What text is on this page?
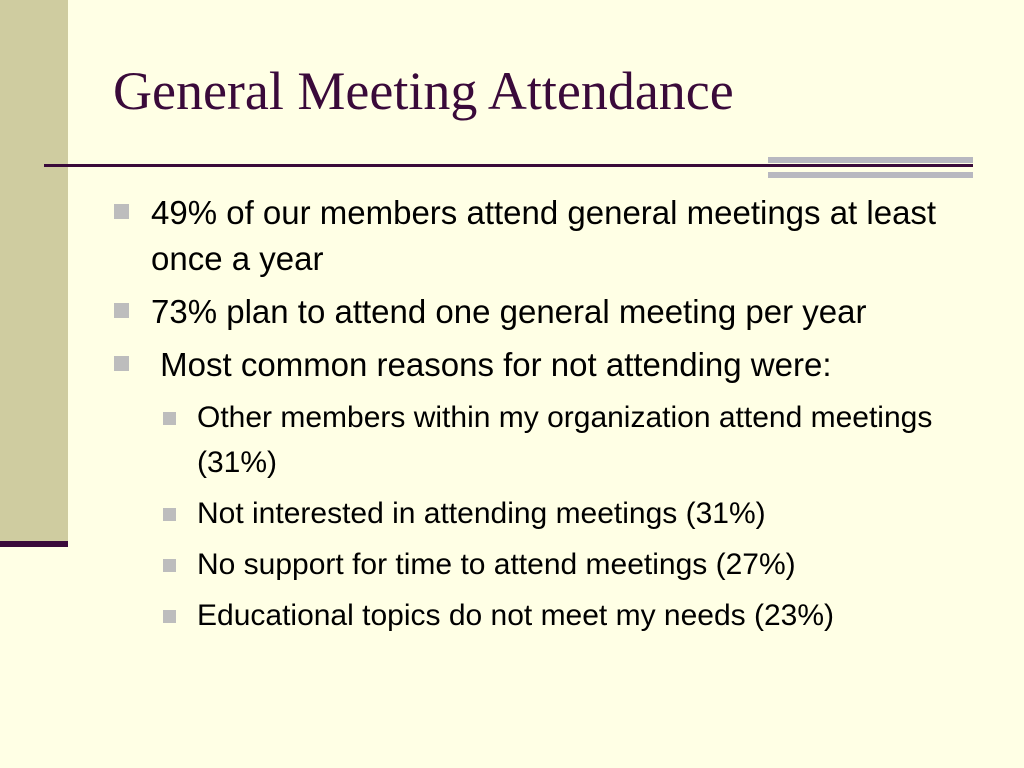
General Meeting Attendance
49% of our members attend general meetings at least once a year
73% plan to attend one general meeting per year
Most common reasons for not attending were:
Other members within my organization attend meetings (31%)
Not interested in attending meetings (31%)
No support for time to attend meetings (27%)
Educational topics do not meet my needs (23%)
